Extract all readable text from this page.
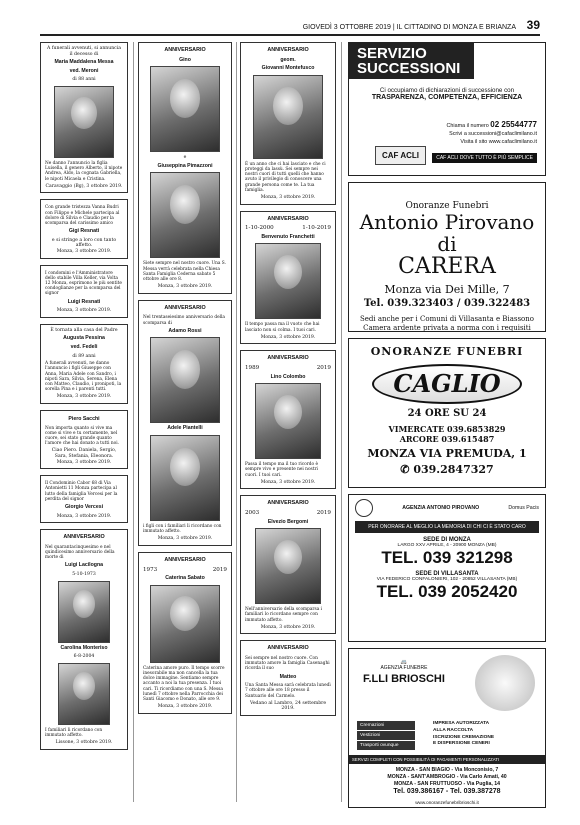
GIOVEDÌ 3 OTTOBRE 2019 | IL CITTADINO DI MONZA E BRIANZA 39
A funerali avvenuti, si annuncia il decesso di
Maria Maddalena Messa
ved. Meroni
di 88 anni
Ne danno l'annuncio la figlia Luisella, il genero Alberto, il nipote Andrea, Aldo, la cognata Gabriella, le nipoti Micaela e Cristina.
Caravaggio (Bg), 3 ottobre 2019.
Con grande tristezza Vanna Budri con Filippo e Michele partecipa al dolore di Silvia e Claudio per la scomparsa del carissimo amico
Gigi Resnati
e si stringe a loro con tanto affetto.
Monza, 3 ottobre 2019.
I condomini e l'Amministratore dello stabile Villa Keller, via Volta 12 Monza, esprimono le più sentite condoglianze per la scomparsa del signor
Luigi Resnati
Monza, 3 ottobre 2019.
È tornata alla casa del Padre
Augusta Pessina
ved. Fedeli
di 89 anni
A funerali avvenuti, ne danno l'annuncio i figli Giuseppe con Anna, Maria Adele con Sandro, i nipoti Sara, Silvia, Serena, Elena con Matteo, Claudio, i pronipoti, la sorella Pina e i parenti tutti.
Monza, 3 ottobre 2019.
Piero Sacchi
Non importa quanto si vive ma come si vive e tu certamente, nel cuore, sei stato grande quanto l'amore che hai donato a tutti noi.
Ciao Piero. Daniela, Sergio, Sara, Stefania, Eleonora.
Monza, 3 ottobre 2019.
Il Condominio Cabor 68 di Via Antonietti 11 Monza partecipa al lutto della famiglia Vercesi per la perdita del signor
Giorgio Vercesi
Monza, 3 ottobre 2019.
ANNIVERSARIO
Nel quarantacinquesimo e nel quindicesimo anniversario della morte di
Luigi Lacilogna
5-10-1973
Carolina Monteriso
6-8-2004
I familiari li ricordano con immutato affetto.
Lissone, 3 ottobre 2019.
ANNIVERSARIO
Gino
e
Giuseppina Pimazzoni
Siete sempre nel nostro cuore. Una S. Messa verrà celebrata nella Chiesa Santa Famiglia Cederna sabato 5 ottobre alle ore 8.
Monza, 3 ottobre 2019.
ANNIVERSARIO
Nel trentaseiesimo anniversario della scomparsa di
Adamo Rossi
Adele Piantelli
i figli con i familiari li ricordano con immutato affetto.
Monza, 3 ottobre 2019.
ANNIVERSARIO
1973	2019
Caterina Sabato
Caterina amore puro. Il tempo scorre inesorabile ma non cancella la tua dolce immagine. Sentiamo sempre accanto a noi la tua presenza. I tuoi cari. Ti ricordiamo con una S. Messa lunedì 7 ottobre nella Parrocchia dei Santi Giacomo e Donato, alle ore 9.
Monza, 3 ottobre 2019.
ANNIVERSARIO
geom.
Giovanni Montefusco
È un anno che ci hai lasciato e che ci proteggi da lassù. Sei sempre nei nostri cuori di tutti quelli che hanno avuto il privilegio di conoscere una grande persona come te. La tua famiglia.
Monza, 3 ottobre 2019.
ANNIVERSARIO
1-10-2000	1-10-2019
Benvenuto Franchetti
Il tempo passa ma il vuoto che hai lasciato non si colma. I tuoi cari.
Monza, 3 ottobre 2019.
ANNIVERSARIO
1989	2019
Lino Colombo
Passa il tempo ma il tuo ricordo è sempre vivo e presente nei nostri cuori. I tuoi cari.
Monza, 3 ottobre 2019.
ANNIVERSARIO
2003	2019
Elvezio Bergomi
Nell'anniversario della scomparsa i familiari lo ricordano sempre con immutato affetto.
Monza, 3 ottobre 2019.
ANNIVERSARIO
Sei sempre nel nostro cuore. Con immutato amore la famiglia Casenaghi ricorda il suo
Matteo
Una Santa Messa sarà celebrata lunedì 7 ottobre alle ore 18 presso il Santuario del Carmelo.
Vedano al Lambro, 24 settembre 2019.
SERVIZIO SUCCESSIONI
Ci occupiamo di dichiarazioni di successione con
TRASPARENZA, COMPETENZA, EFFICIENZA
Chiama il numero 02 25544777
Scrivi a successioni@cafaclimilano.it
Visita il sito www.cafaclimilano.it
CAF ACLI	CAF ACLI DOVE TUTTO È PIÙ SEMPLICE
Onoranze Funebri
Antonio Pirovano di
CARERA
Monza via Dei Mille, 7
Tel. 039.323403 / 039.322483
Sedi anche per i Comuni di Villasanta e Biassono
Camera ardente privata a norma con i requisiti
ONORANZE FUNEBRI
CAGLIO
24 ORE SU 24
VIMERCATE 039.6853829
ARCORE 039.615487
MONZA VIA PREMUDA, 1
✆ 039.2847327
AGENZIA ANTONIO PIROVANO	Domus Pacis
PER ONORARE AL MEGLIO LA MEMORIA DI CHI CI È STATO CARO
SEDE DI MONZA
LARGO XXV APRILE, 4 - 20900 MONZA (MB)
TEL. 039 321298
SEDE DI VILLASANTA
VIA FEDERICO CONFALONIERI, 102 - 20852 VILLASANTA (MB)
TEL. 039 2052420
🚐
AGENZIA FUNEBRE
F.LLI BRIOSCHI
Cremazioni
Vestizioni
Trasporti ovunque
IMPRESA AUTORIZZATA
ALLA RACCOLTA
ISCRIZIONE CREMAZIONE
E DISPERSIONE CENERI
SERVIZI COMPLETI CON POSSIBILITÀ DI PAGAMENTI PERSONALIZZATI
MONZA - SAN BIAGIO - Via Monconisio, 7
MONZA - SANT'AMBROGIO - Via Carlo Amati, 40
MONZA - SAN FRUTTUOSO - Via Puglia, 14
Tel. 039.386167 - Tel. 039.387278
www.onoranzefunebribrioschi.it
